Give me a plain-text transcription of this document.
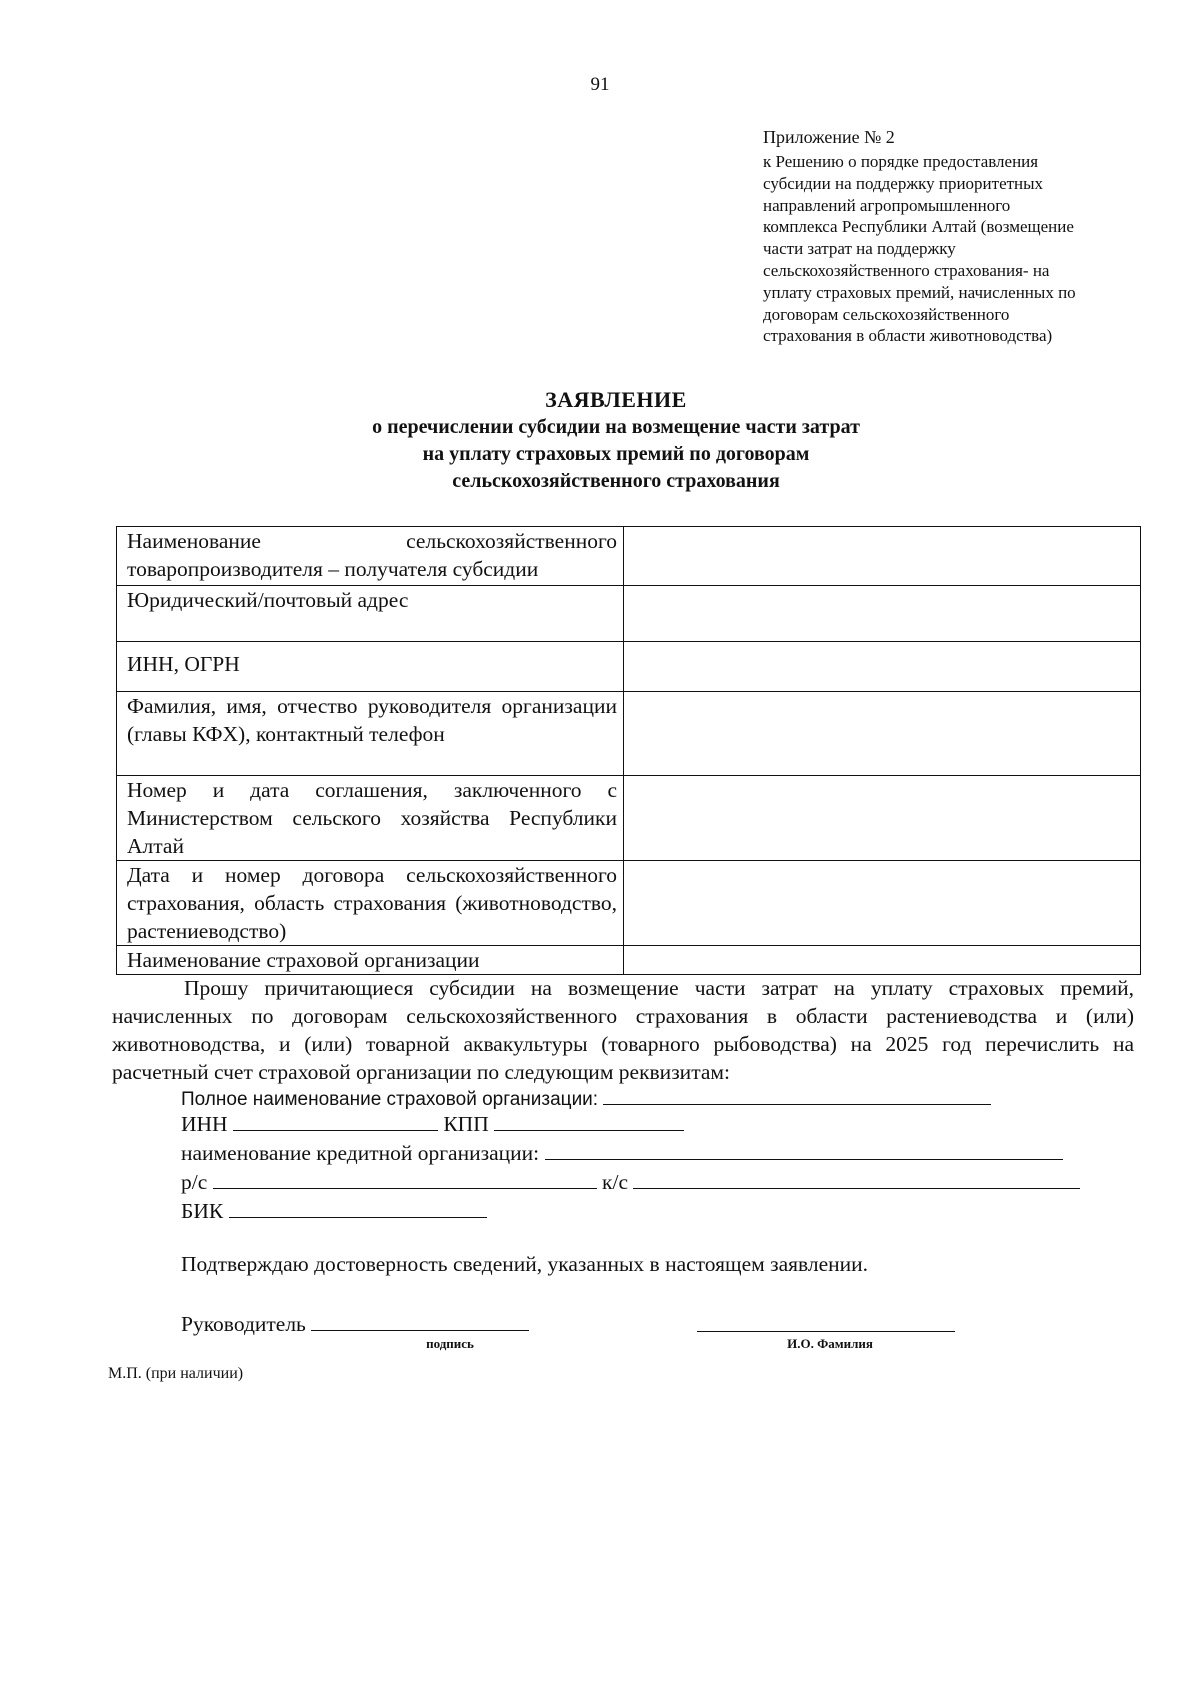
91
Приложение № 2
к Решению о порядке предоставления
субсидии на поддержку приоритетных
направлений агропромышленного
комплекса Республики Алтай (возмещение
части затрат на поддержку
сельскохозяйственного страхования- на
уплату страховых премий, начисленных по
договорам сельскохозяйственного
страхования в области животноводства)
ЗАЯВЛЕНИЕ
о перечислении субсидии на возмещение части затрат
на уплату страховых премий по договорам
сельскохозяйственного страхования
Наименование сельскохозяйственного товаропроизводителя – получателя субсидии	
Юридический/почтовый адрес	
ИНН, ОГРН	
Фамилия, имя, отчество руководителя организации (главы КФХ), контактный телефон	
Номер и дата соглашения, заключенного с Министерством сельского хозяйства Республики Алтай	
Дата и номер договора сельскохозяйственного страхования, область страхования (животноводство, растениеводство)	
Наименование страховой организации	
Прошу причитающиеся субсидии на возмещение части затрат на уплату страховых премий, начисленных по договорам сельскохозяйственного страхования в области растениеводства и (или) животноводства, и (или) товарной аквакультуры (товарного рыбоводства) на 2025 год перечислить на расчетный счет страховой организации по следующим реквизитам:
Полное наименование страховой организации:
ИНН	КПП
наименование кредитной организации:
р/с	к/с
БИК
Подтверждаю достоверность сведений, указанных в настоящем заявлении.
Руководитель
подпись	И.О. Фамилия
М.П. (при наличии)
